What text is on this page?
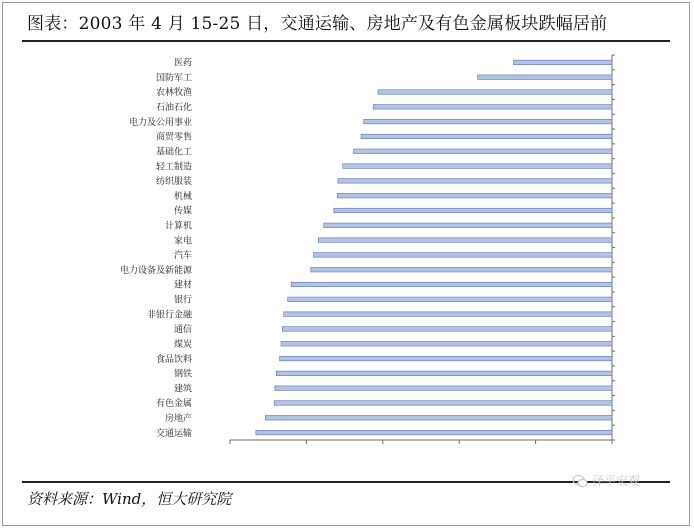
图表：2003 年 4 月 15-25 日，交通运输、房地产及有色金属板块跌幅居前
医药
国防军工
农林牧渔
石油石化
电力及公用事业
商贸零售
基础化工
轻工制造
纺织服装
机械
传媒
计算机
家电
汽车
电力设备及新能源
建材
银行
非银行金融
通信
煤炭
食品饮料
钢铁
建筑
有色金属
房地产
交通运输
资料来源：Wind，恒大研究院
泽平宏观
